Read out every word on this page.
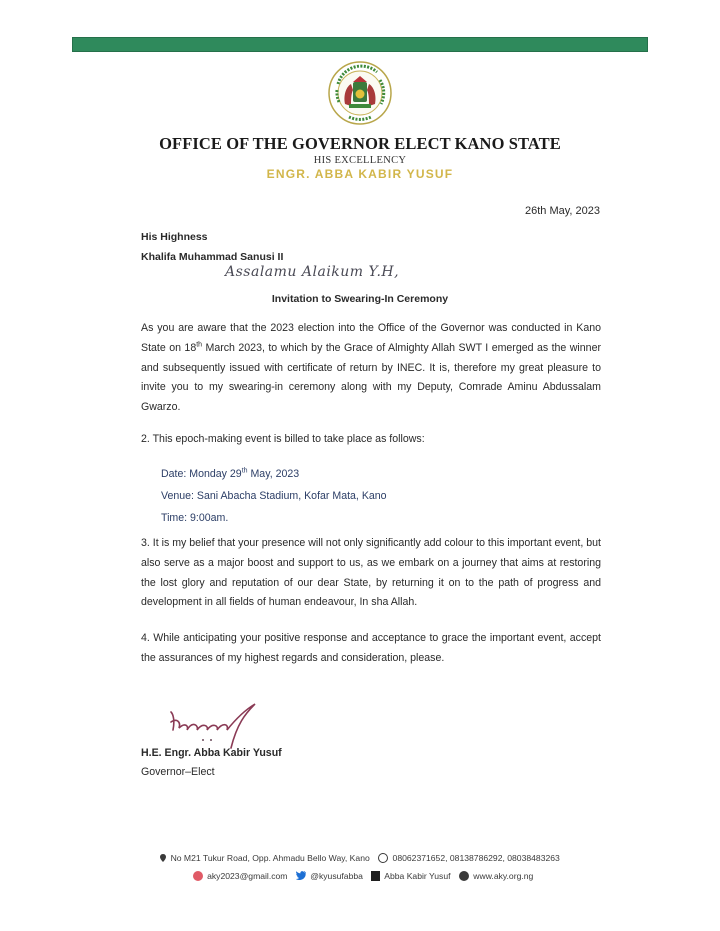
OFFICE OF THE GOVERNOR ELECT KANO STATE
HIS EXCELLENCY
ENGR. ABBA KABIR YUSUF
26th May, 2023
His Highness
Khalifa Muhammad Sanusi II
Assalamu Alaikum Y.H,
Invitation to Swearing-In Ceremony
As you are aware that the 2023 election into the Office of the Governor was conducted in Kano State on 18th March 2023, to which by the Grace of Almighty Allah SWT I emerged as the winner and subsequently issued with certificate of return by INEC. It is, therefore my great pleasure to invite you to my swearing-in ceremony along with my Deputy, Comrade Aminu Abdussalam Gwarzo.
2. This epoch-making event is billed to take place as follows:
Date: Monday 29th May, 2023
Venue: Sani Abacha Stadium, Kofar Mata, Kano
Time: 9:00am.
3. It is my belief that your presence will not only significantly add colour to this important event, but also serve as a major boost and support to us, as we embark on a journey that aims at restoring the lost glory and reputation of our dear State, by returning it on to the path of progress and development in all fields of human endeavour, In sha Allah.
4. While anticipating your positive response and acceptance to grace the important event, accept the assurances of my highest regards and consideration, please.
H.E. Engr. Abba Kabir Yusuf
Governor–Elect
No M21 Tukur Road, Opp. Ahmadu Bello Way, Kano	08062371652, 08138786292, 08038483263
aky2023@gmail.com	@kyusufabba Abba Kabir Yusuf	www.aky.org.ng
